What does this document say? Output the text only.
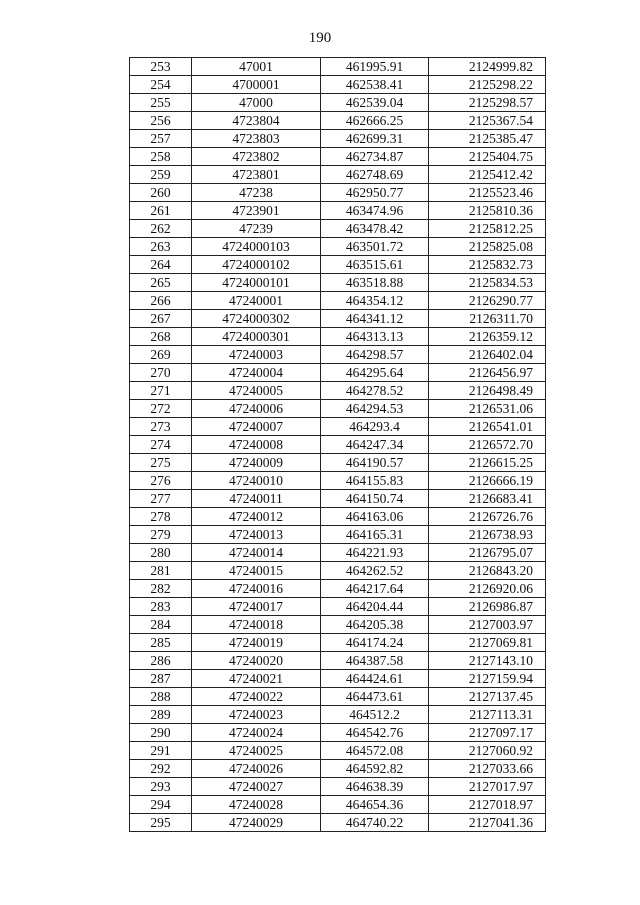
190
253	47001	461995.91	2124999.82
254	4700001	462538.41	2125298.22
255	47000	462539.04	2125298.57
256	4723804	462666.25	2125367.54
257	4723803	462699.31	2125385.47
258	4723802	462734.87	2125404.75
259	4723801	462748.69	2125412.42
260	47238	462950.77	2125523.46
261	4723901	463474.96	2125810.36
262	47239	463478.42	2125812.25
263	4724000103	463501.72	2125825.08
264	4724000102	463515.61	2125832.73
265	4724000101	463518.88	2125834.53
266	47240001	464354.12	2126290.77
267	4724000302	464341.12	2126311.70
268	4724000301	464313.13	2126359.12
269	47240003	464298.57	2126402.04
270	47240004	464295.64	2126456.97
271	47240005	464278.52	2126498.49
272	47240006	464294.53	2126531.06
273	47240007	464293.4	2126541.01
274	47240008	464247.34	2126572.70
275	47240009	464190.57	2126615.25
276	47240010	464155.83	2126666.19
277	47240011	464150.74	2126683.41
278	47240012	464163.06	2126726.76
279	47240013	464165.31	2126738.93
280	47240014	464221.93	2126795.07
281	47240015	464262.52	2126843.20
282	47240016	464217.64	2126920.06
283	47240017	464204.44	2126986.87
284	47240018	464205.38	2127003.97
285	47240019	464174.24	2127069.81
286	47240020	464387.58	2127143.10
287	47240021	464424.61	2127159.94
288	47240022	464473.61	2127137.45
289	47240023	464512.2	2127113.31
290	47240024	464542.76	2127097.17
291	47240025	464572.08	2127060.92
292	47240026	464592.82	2127033.66
293	47240027	464638.39	2127017.97
294	47240028	464654.36	2127018.97
295	47240029	464740.22	2127041.36
